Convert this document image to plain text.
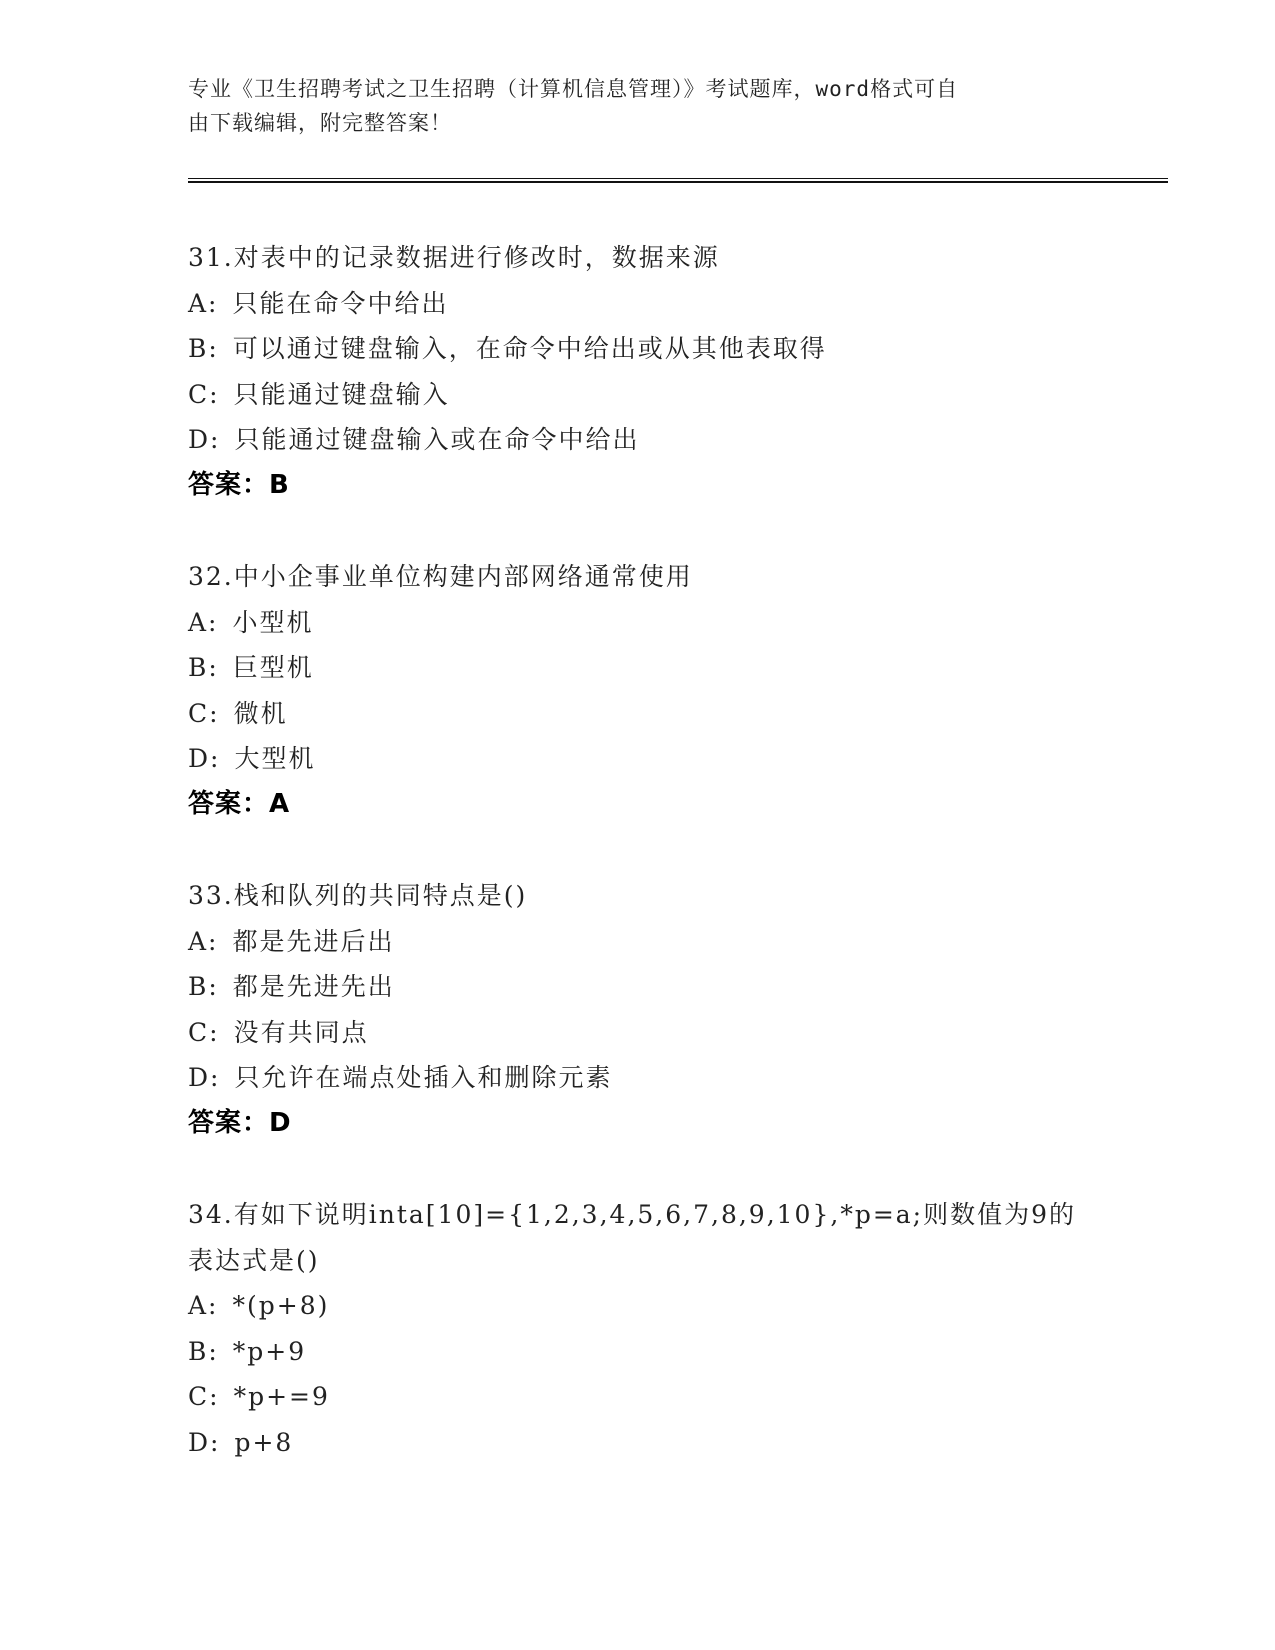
专业《卫生招聘考试之卫生招聘（计算机信息管理）》考试题库，word格式可自
由下载编辑，附完整答案！
31.对表中的记录数据进行修改时，数据来源
A: 只能在命令中给出
B: 可以通过键盘输入，在命令中给出或从其他表取得
C: 只能通过键盘输入
D: 只能通过键盘输入或在命令中给出
答案：B
32.中小企事业单位构建内部网络通常使用
A: 小型机
B: 巨型机
C: 微机
D: 大型机
答案：A
33.栈和队列的共同特点是()
A: 都是先进后出
B: 都是先进先出
C: 没有共同点
D: 只允许在端点处插入和删除元素
答案：D
34.有如下说明inta[10]={1,2,3,4,5,6,7,8,9,10},*p=a;则数值为9的表达式是()
A: *(p+8)
B: *p+9
C: *p+=9
D: p+8
